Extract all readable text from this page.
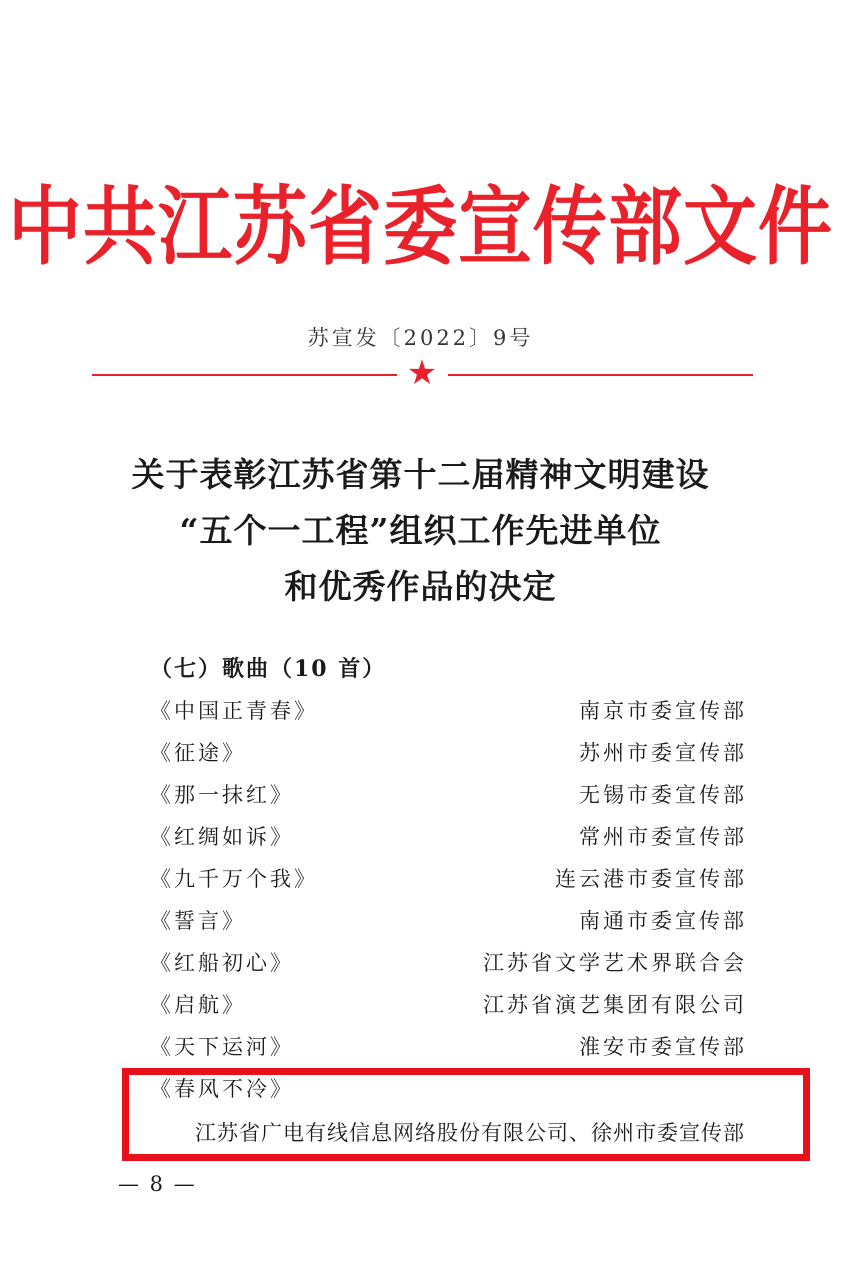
中共江苏省委宣传部文件
苏宣发〔2022〕9号
★
关于表彰江苏省第十二届精神文明建设
“五个一工程”组织工作先进单位
和优秀作品的决定
（七）歌曲（10 首）
《中国正青春》	南京市委宣传部
《征途》	苏州市委宣传部
《那一抹红》	无锡市委宣传部
《红绸如诉》	常州市委宣传部
《九千万个我》	连云港市委宣传部
《誓言》	南通市委宣传部
《红船初心》	江苏省文学艺术界联合会
《启航》	江苏省演艺集团有限公司
《天下运河》	淮安市委宣传部
《春风不冷》
江苏省广电有线信息网络股份有限公司、徐州市委宣传部
— 8 —
